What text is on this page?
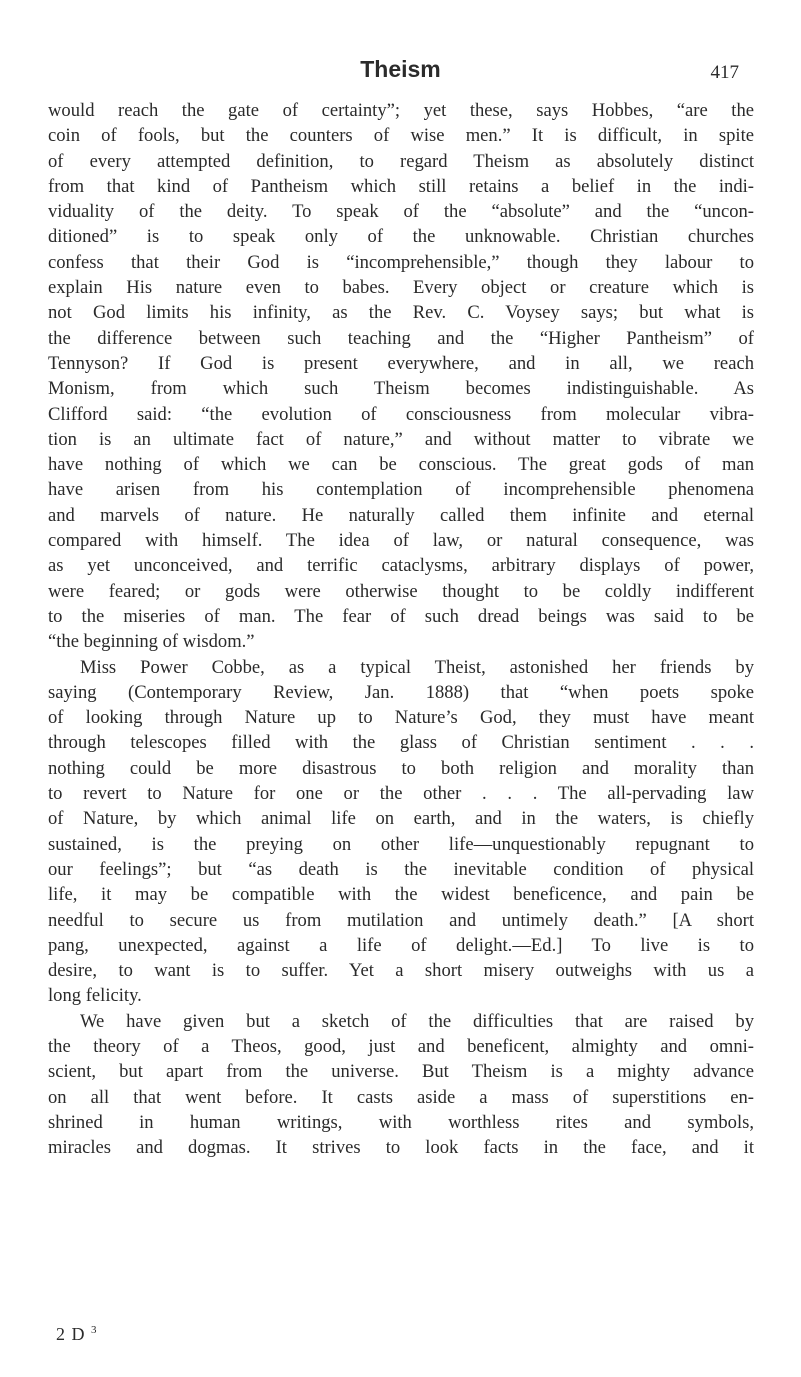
Theism	417
would reach the gate of certainty”; yet these, says Hobbes, “are the
coin of fools, but the counters of wise men.” It is difficult, in spite
of every attempted definition, to regard Theism as absolutely distinct
from that kind of Pantheism which still retains a belief in the indi-
viduality of the deity. To speak of the “absolute” and the “uncon-
ditioned” is to speak only of the unknowable. Christian churches
confess that their God is “incomprehensible,” though they labour to
explain His nature even to babes. Every object or creature which is
not God limits his infinity, as the Rev. C. Voysey says; but what is
the difference between such teaching and the “Higher Pantheism” of
Tennyson? If God is present everywhere, and in all, we reach
Monism, from which such Theism becomes indistinguishable. As
Clifford said: “the evolution of consciousness from molecular vibra-
tion is an ultimate fact of nature,” and without matter to vibrate we
have nothing of which we can be conscious. The great gods of man
have arisen from his contemplation of incomprehensible phenomena
and marvels of nature. He naturally called them infinite and eternal
compared with himself. The idea of law, or natural consequence, was
as yet unconceived, and terrific cataclysms, arbitrary displays of power,
were feared; or gods were otherwise thought to be coldly indifferent
to the miseries of man. The fear of such dread beings was said to be
“the beginning of wisdom.”
Miss Power Cobbe, as a typical Theist, astonished her friends by
saying (Contemporary Review, Jan. 1888) that “when poets spoke
of looking through Nature up to Nature’s God, they must have meant
through telescopes filled with the glass of Christian sentiment . . .
nothing could be more disastrous to both religion and morality than
to revert to Nature for one or the other . . . The all-pervading law
of Nature, by which animal life on earth, and in the waters, is chiefly
sustained, is the preying on other life—unquestionably repugnant to
our feelings”; but “as death is the inevitable condition of physical
life, it may be compatible with the widest beneficence, and pain be
needful to secure us from mutilation and untimely death.” [A short
pang, unexpected, against a life of delight.—Ed.] To live is to
desire, to want is to suffer. Yet a short misery outweighs with us a
long felicity.
We have given but a sketch of the difficulties that are raised by
the theory of a Theos, good, just and beneficent, almighty and omni-
scient, but apart from the universe. But Theism is a mighty advance
on all that went before. It casts aside a mass of superstitions en-
shrined in human writings, with worthless rites and symbols,
miracles and dogmas. It strives to look facts in the face, and it
2 D $^3$
